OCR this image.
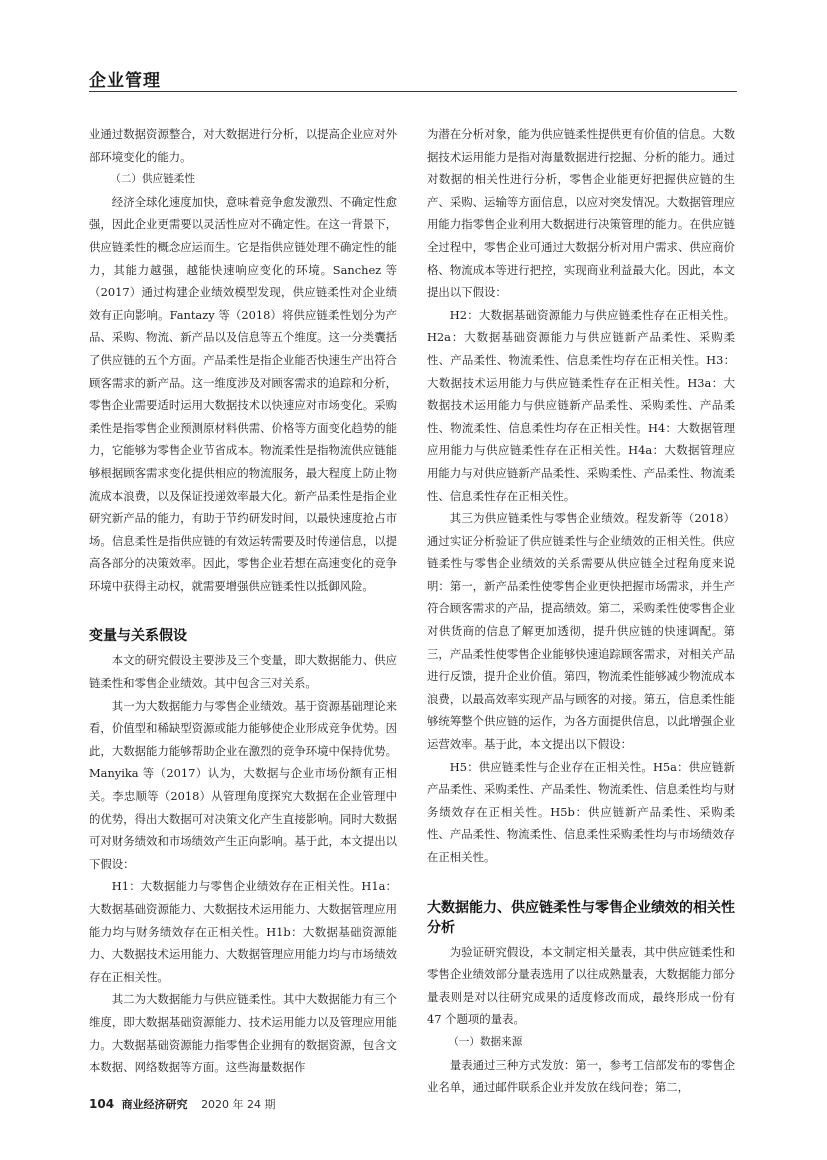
企业管理

业通过数据资源整合，对大数据进行分析，以提高企业应对外部环境变化的能力。

（二）供应链柔性

经济全球化速度加快，意味着竞争愈发激烈、不确定性愈强，因此企业更需要以灵活性应对不确定性。在这一背景下，供应链柔性的概念应运而生。它是指供应链处理不确定性的能力，其能力越强，越能快速响应变化的环境。Sanchez 等（2017）通过构建企业绩效模型发现，供应链柔性对企业绩效有正向影响。Fantazy 等（2018）将供应链柔性划分为产品、采购、物流、新产品以及信息等五个维度。这一分类囊括了供应链的五个方面。产品柔性是指企业能否快速生产出符合顾客需求的新产品。这一维度涉及对顾客需求的追踪和分析，零售企业需要适时运用大数据技术以快速应对市场变化。采购柔性是指零售企业预测原材料供需、价格等方面变化趋势的能力，它能够为零售企业节省成本。物流柔性是指物流供应链能够根据顾客需求变化提供相应的物流服务，最大程度上防止物流成本浪费，以及保证投递效率最大化。新产品柔性是指企业研究新产品的能力，有助于节约研发时间，以最快速度抢占市场。信息柔性是指供应链的有效运转需要及时传递信息，以提高各部分的决策效率。因此，零售企业若想在高速变化的竞争环境中获得主动权，就需要增强供应链柔性以抵御风险。

变量与关系假设

本文的研究假设主要涉及三个变量，即大数据能力、供应链柔性和零售企业绩效。其中包含三对关系。

其一为大数据能力与零售企业绩效。基于资源基础理论来看，价值型和稀缺型资源或能力能够使企业形成竞争优势。因此，大数据能力能够帮助企业在激烈的竞争环境中保持优势。Manyika 等（2017）认为，大数据与企业市场份额有正相关。李忠顺等（2018）从管理角度探究大数据在企业管理中的优势，得出大数据可对决策文化产生直接影响。同时大数据可对财务绩效和市场绩效产生正向影响。基于此，本文提出以下假设：

H1：大数据能力与零售企业绩效存在正相关性。H1a：大数据基础资源能力、大数据技术运用能力、大数据管理应用能力均与财务绩效存在正相关性。H1b：大数据基础资源能力、大数据技术运用能力、大数据管理应用能力均与市场绩效存在正相关性。

其二为大数据能力与供应链柔性。其中大数据能力有三个维度，即大数据基础资源能力、技术运用能力以及管理应用能力。大数据基础资源能力指零售企业拥有的数据资源，包含文本数据、网络数据等方面。这些海量数据作

为潜在分析对象，能为供应链柔性提供更有价值的信息。大数据技术运用能力是指对海量数据进行挖掘、分析的能力。通过对数据的相关性进行分析，零售企业能更好把握供应链的生产、采购、运输等方面信息，以应对突发情况。大数据管理应用能力指零售企业利用大数据进行决策管理的能力。在供应链全过程中，零售企业可通过大数据分析对用户需求、供应商价格、物流成本等进行把控，实现商业利益最大化。因此，本文提出以下假设：

H2：大数据基础资源能力与供应链柔性存在正相关性。H2a：大数据基础资源能力与供应链新产品柔性、采购柔性、产品柔性、物流柔性、信息柔性均存在正相关性。H3：大数据技术运用能力与供应链柔性存在正相关性。H3a：大数据技术运用能力与供应链新产品柔性、采购柔性、产品柔性、物流柔性、信息柔性均存在正相关性。H4：大数据管理应用能力与供应链柔性存在正相关性。H4a：大数据管理应用能力与对供应链新产品柔性、采购柔性、产品柔性、物流柔性、信息柔性存在正相关性。

其三为供应链柔性与零售企业绩效。程发新等（2018）通过实证分析验证了供应链柔性与企业绩效的正相关性。供应链柔性与零售企业绩效的关系需要从供应链全过程角度来说明：第一，新产品柔性使零售企业更快把握市场需求，并生产符合顾客需求的产品，提高绩效。第二，采购柔性使零售企业对供货商的信息了解更加透彻，提升供应链的快速调配。第三，产品柔性使零售企业能够快速追踪顾客需求，对相关产品进行反馈，提升企业价值。第四，物流柔性能够减少物流成本浪费，以最高效率实现产品与顾客的对接。第五，信息柔性能够统筹整个供应链的运作，为各方面提供信息，以此增强企业运营效率。基于此，本文提出以下假设：

H5：供应链柔性与企业存在正相关性。H5a：供应链新产品柔性、采购柔性、产品柔性、物流柔性、信息柔性均与财务绩效存在正相关性。H5b：供应链新产品柔性、采购柔性、产品柔性、物流柔性、信息柔性采购柔性均与市场绩效存在正相关性。

大数据能力、供应链柔性与零售企业绩效的相关性分析

为验证研究假设，本文制定相关量表，其中供应链柔性和零售企业绩效部分量表选用了以往成熟量表，大数据能力部分量表则是对以往研究成果的适度修改而成，最终形成一份有 47 个题项的量表。

（一）数据来源

量表通过三种方式发放：第一，参考工信部发布的零售企业名单，通过邮件联系企业并发放在线问卷；第二，

104 商业经济研究 2020 年 24 期
